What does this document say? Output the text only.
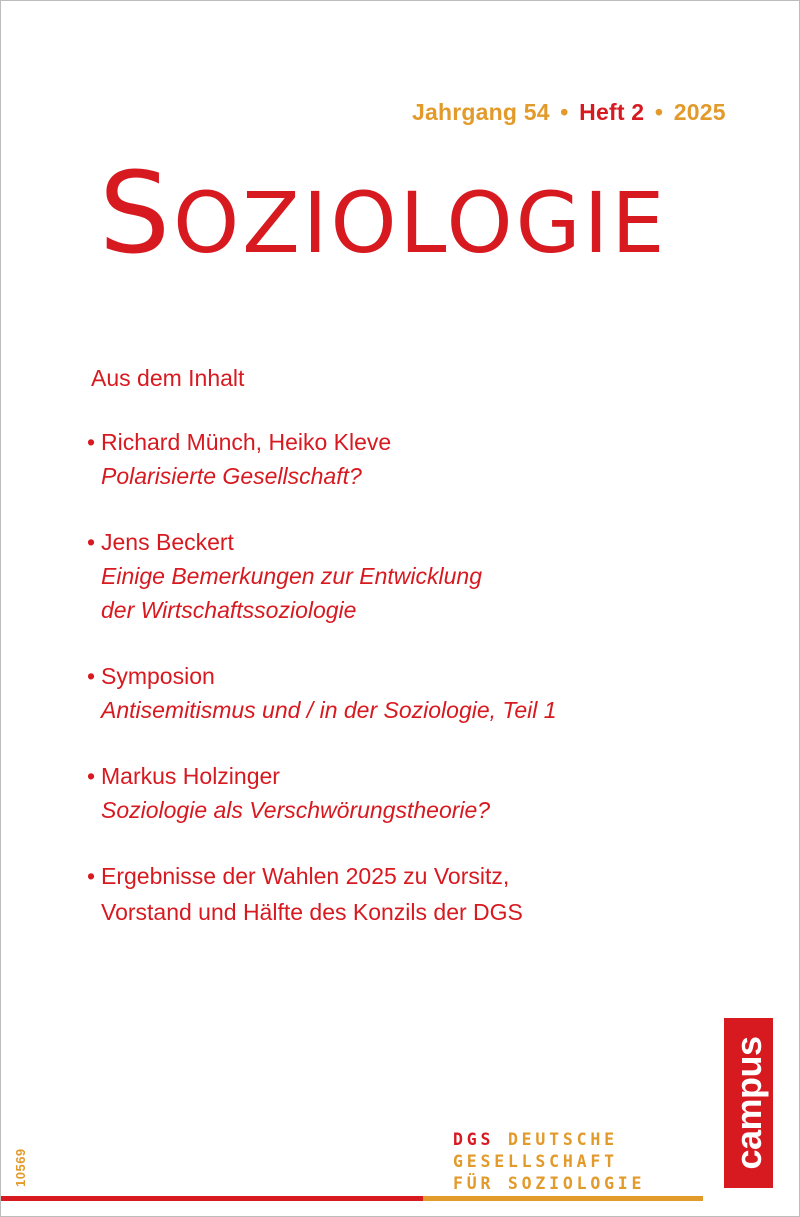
Jahrgang 54 • Heft 2 • 2025
SOZIOLOGIE
Aus dem Inhalt
• Richard Münch, Heiko Kleve
Polarisierte Gesellschaft?
• Jens Beckert
Einige Bemerkungen zur Entwicklung
der Wirtschaftssoziologie
• Symposion
Antisemitismus und / in der Soziologie, Teil 1
• Markus Holzinger
Soziologie als Verschwörungstheorie?
• Ergebnisse der Wahlen 2025 zu Vorsitz,
Vorstand und Hälfte des Konzils der DGS
campus
DGS DEUTSCHE
GESELLSCHAFT
FÜR SOZIOLOGIE
10569
